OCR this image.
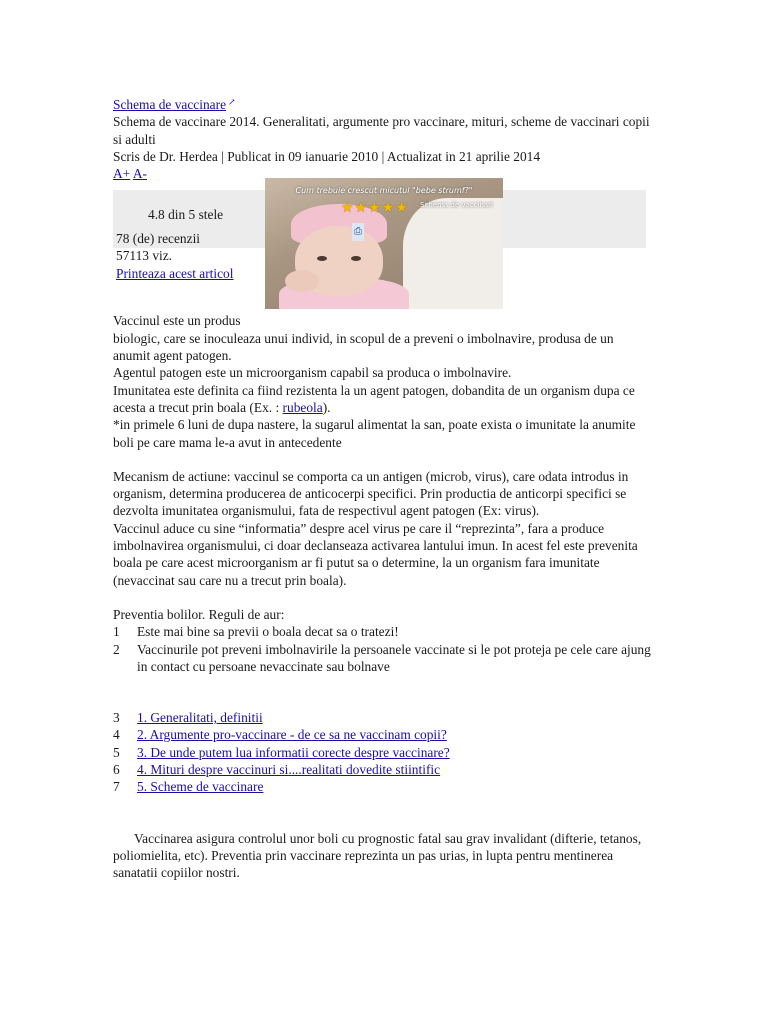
Schema de vaccinare ↗

Schema de vaccinare 2014. Generalitati, argumente pro vaccinare, mituri, scheme de vaccinari copii si adulti

Scris de Dr. Herdea | Publicat in 09 ianuarie 2010 | Actualizat in 21 aprilie 2014

A+ A-
4.8 din 5 stele
78 (de) recenzii
57113 viz.
Printeaza acest articol
Cum trebuie crescut micutul "bebe strumf?"
Schema de vaccinari
★★★★★
⎙

Vaccinul este un produs

biologic, care se inoculeaza unui individ, in scopul de a preveni o imbolnavire, produsa de un anumit agent patogen.

Agentul patogen este un microorganism capabil sa produca o imbolnavire.

Imunitatea este definita ca fiind rezistenta la un agent patogen, dobandita de un organism dupa ce acesta a trecut prin boala (Ex. : rubeola).

*in primele 6 luni de dupa nastere, la sugarul alimentat la san, poate exista o imunitate la anumite boli pe care mama le-a avut in antecedente

Mecanism de actiune: vaccinul se comporta ca un antigen (microb, virus), care odata introdus in organism, determina producerea de anticocerpi specifici. Prin productia de anticorpi specifici se dezvolta imunitatea organismului, fata de respectivul agent patogen (Ex: virus).

Vaccinul aduce cu sine “informatia” despre acel virus pe care il “reprezinta”, fara a produce imbolnavirea organismului, ci doar declanseaza activarea lantului imun. In acest fel este prevenita boala pe care acest microorganism ar fi putut sa o determine, la un organism fara imunitate (nevaccinat sau care nu a trecut prin boala).

Preventia bolilor. Reguli de aur:

1	Este mai bine sa previi o boala decat sa o tratezi!
2	Vaccinurile pot preveni imbolnavirile la persoanele vaccinate si le pot proteja pe cele care ajung in contact cu persoane nevaccinate sau bolnave
3	1. Generalitati, definitii
4	2. Argumente pro-vaccinare - de ce sa ne vaccinam copii?
5	3. De unde putem lua informatii corecte despre vaccinare?
6	4. Mituri despre vaccinuri si....realitati dovedite stiintific
7	5. Scheme de vaccinare

Vaccinarea asigura controlul unor boli cu prognostic fatal sau grav invalidant (difterie, tetanos, poliomielita, etc). Preventia prin vaccinare reprezinta un pas urias, in lupta pentru mentinerea sanatatii copiilor nostri.
